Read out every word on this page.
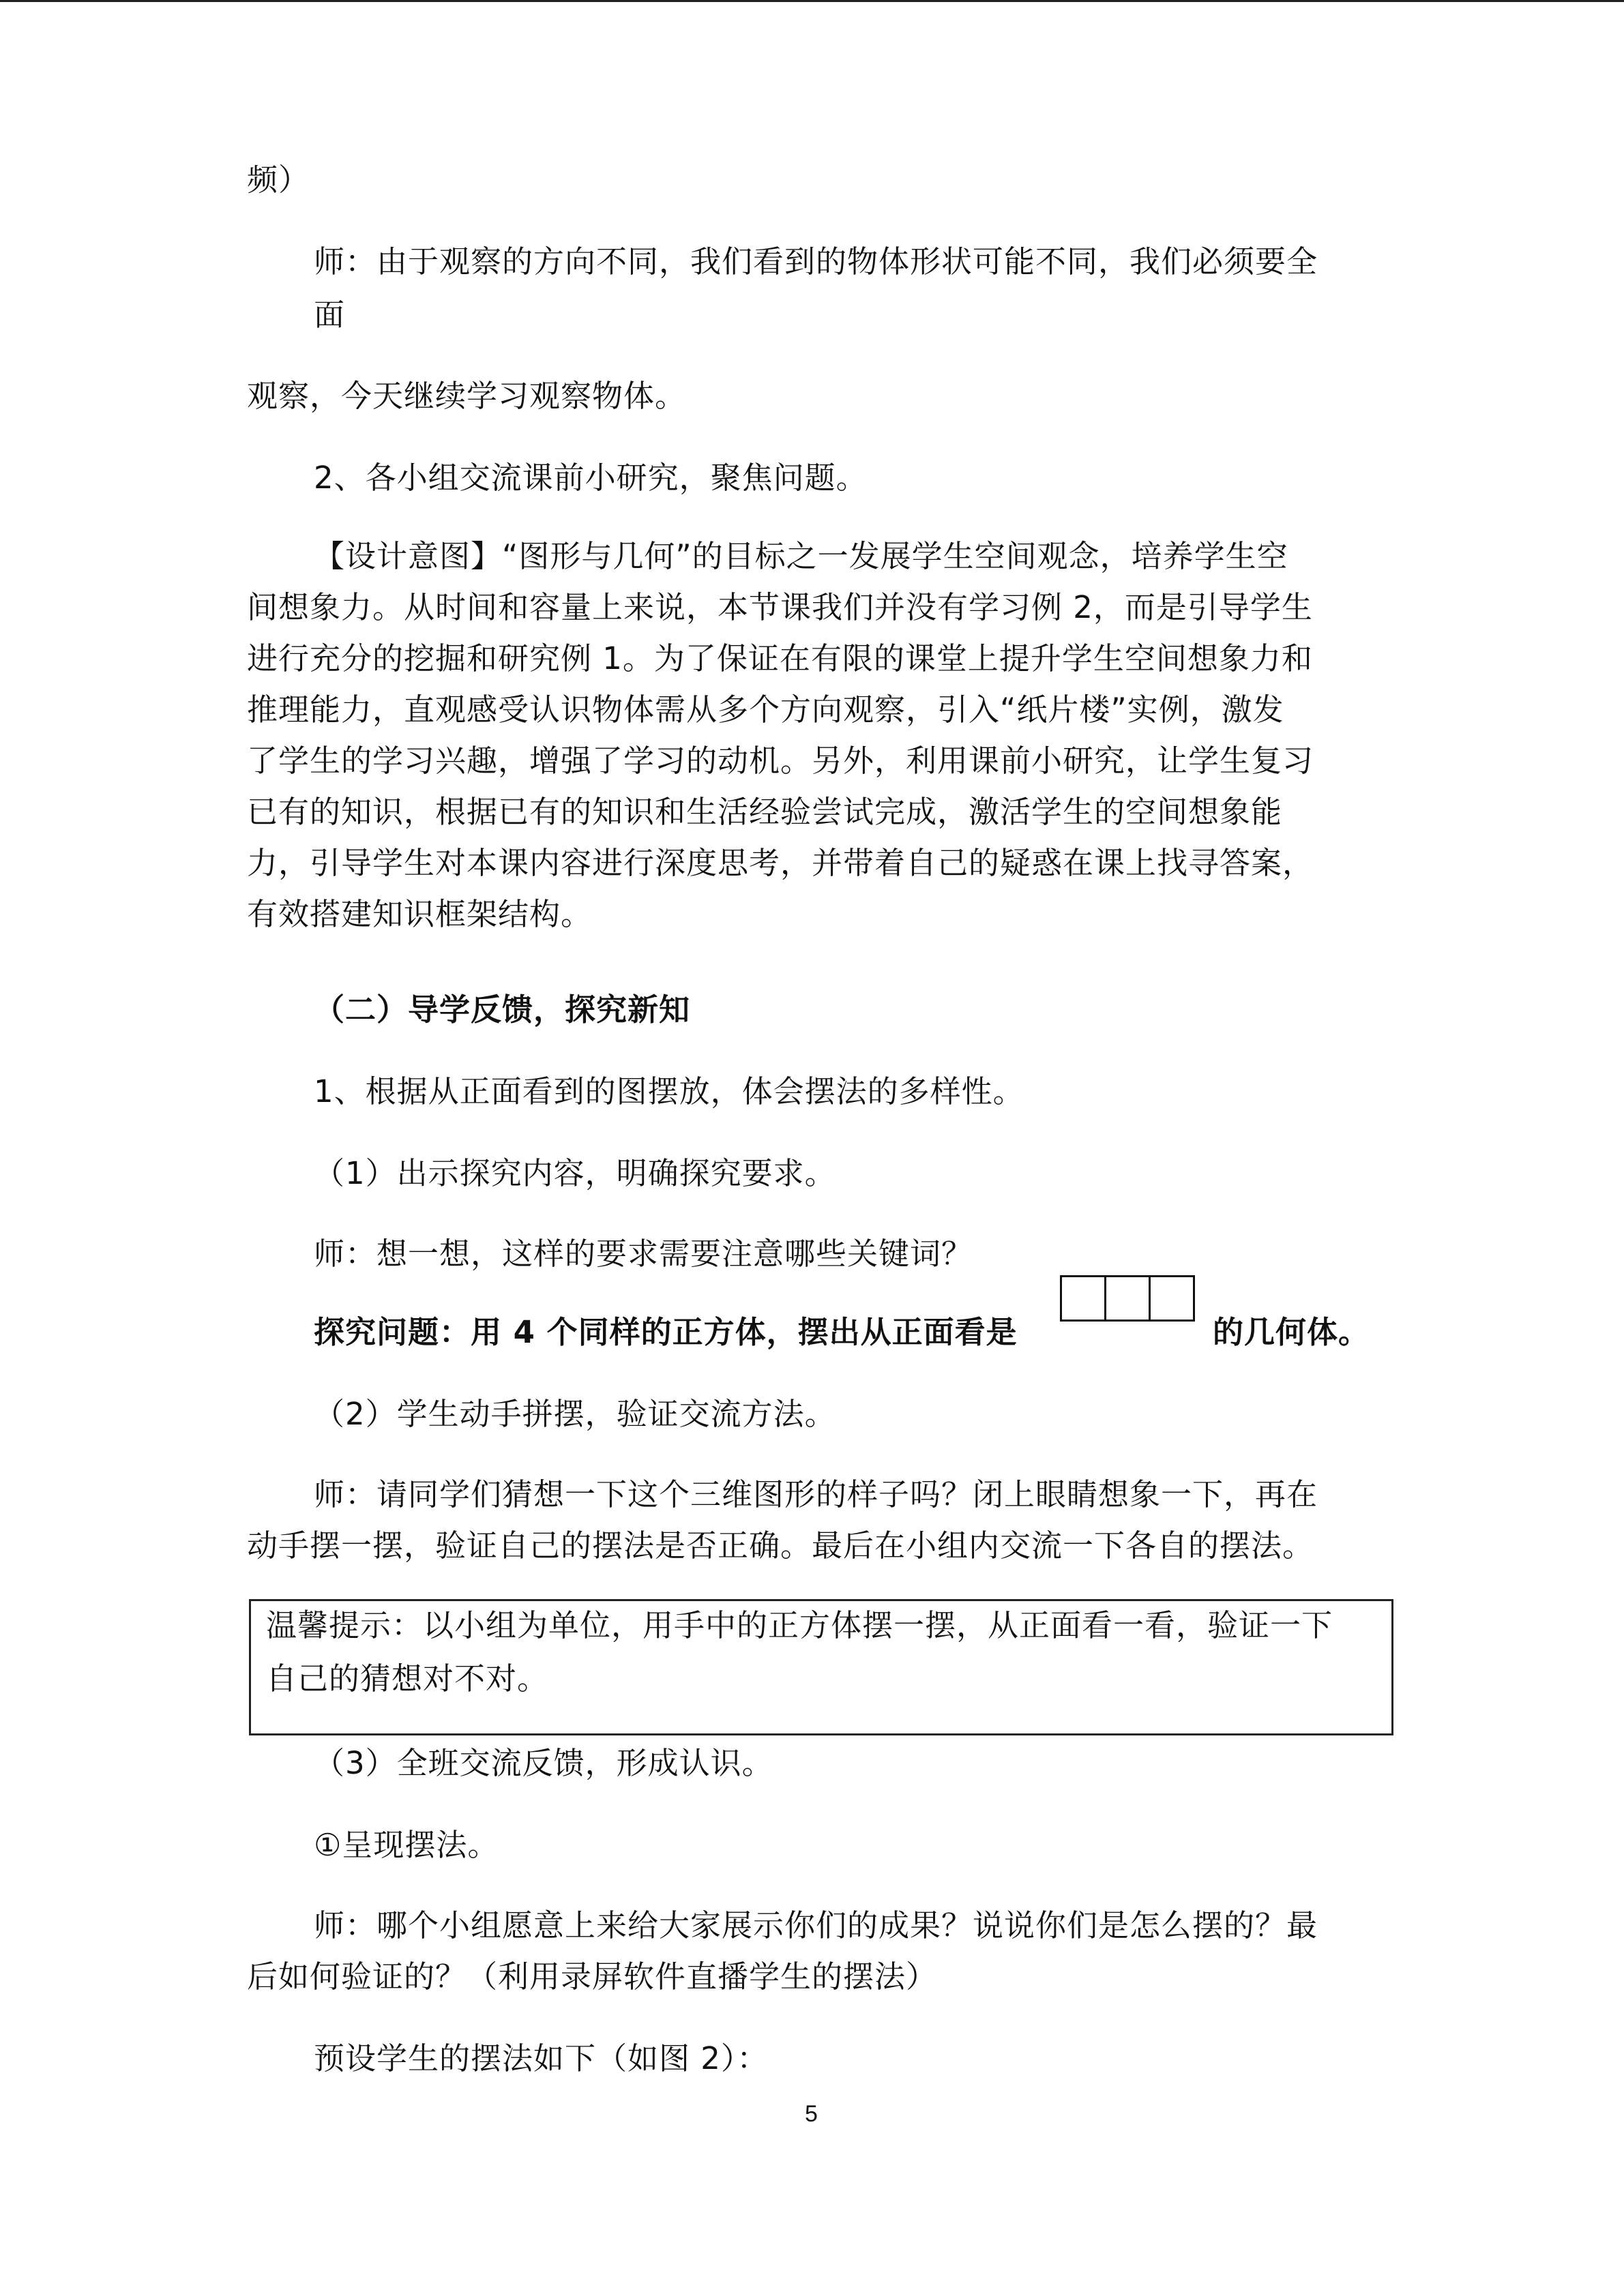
频）
师：由于观察的方向不同，我们看到的物体形状可能不同，我们必须要全
面
观察，今天继续学习观察物体。
2、各小组交流课前小研究，聚焦问题。
【设计意图】“图形与几何”的目标之一发展学生空间观念，培养学生空
间想象力。从时间和容量上来说，本节课我们并没有学习例 2，而是引导学生
进行充分的挖掘和研究例 1。为了保证在有限的课堂上提升学生空间想象力和
推理能力，直观感受认识物体需从多个方向观察，引入“纸片楼”实例，激发
了学生的学习兴趣，增强了学习的动机。另外，利用课前小研究，让学生复习
已有的知识，根据已有的知识和生活经验尝试完成，激活学生的空间想象能
力，引导学生对本课内容进行深度思考，并带着自己的疑惑在课上找寻答案，
有效搭建知识框架结构。
（二）导学反馈，探究新知
1、根据从正面看到的图摆放，体会摆法的多样性。
（1）出示探究内容，明确探究要求。
师：想一想，这样的要求需要注意哪些关键词？
探究问题：用 4 个同样的正方体，摆出从正面看是	的几何体。
（2）学生动手拼摆，验证交流方法。
师：请同学们猜想一下这个三维图形的样子吗？闭上眼睛想象一下，再在
动手摆一摆，验证自己的摆法是否正确。最后在小组内交流一下各自的摆法。
温馨提示：以小组为单位，用手中的正方体摆一摆，从正面看一看，验证一下
自己的猜想对不对。
（3）全班交流反馈，形成认识。
①呈现摆法。
师：哪个小组愿意上来给大家展示你们的成果？说说你们是怎么摆的？最
后如何验证的？（利用录屏软件直播学生的摆法）
预设学生的摆法如下（如图 2）：
5
